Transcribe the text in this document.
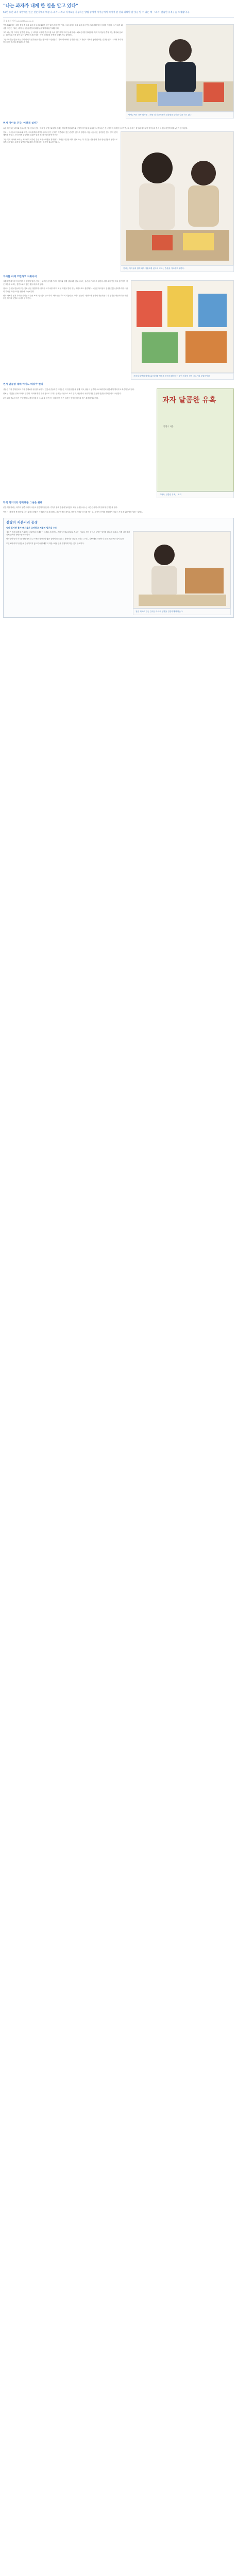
"나는 과자가 내게 한 일을 알고 있다"
50년 동안 과자 제암해온 일본 전문가에게 배운다. 과자 그리고 식재료를 가공하는 방법 중에서 아이들에게 먹여야 할 것과 피해야 할 것을 알 수 있는 책 『과자, 달콤한 유혹』을 소개합니다.
글 김소희 기자 sohee@hani.co.kr

안병수(49세)는 대학 졸업 후 과자 회사에 입사해 17년 동안 일한 과자 전문가다. 국내 굴지의 과자 회사에서 연구원과 기획 담당 임원을 지냈다. 그가 과자 회사를 그만둔 이유는 과자 속 식품첨가물의 위험성을 알게 되었기 때문이다.

그가 펴낸 책 『과자, 달콤한 유혹』은 과자를 비롯한 가공식품 속의 첨가물이 우리 몸에 얼마나 해로운지를 알려준다. 특히 아이들이 즐겨 먹는 과자와 음료수, 패스트푸드에 숨어 있는 설탕과 트랜스지방, 각종 첨가물의 문제를 구체적으로 설명한다.

그는 "과자는 맛을 파는 것이 아니라 첨가물을 파는 것"이라고 단언한다. 과자 회사에서 일하던 시절 그 자신도 과자를 좋아했지만, 건강을 잃고 나서야 과자가 몸에 남긴 흔적을 깨달았다고 한다.

안병수씨는 과자 회사를 그만둔 뒤 가공식품의 위험성을 알리는 일을 하고 있다.
현재 아이들 건강, 어떻게 설까?

요즘 아이들은 과자와 음료수를 입에 달고 산다. 학교 앞 문방구와 편의점에는 형형색색의 과자와 사탕이 아이들을 유혹한다. 부모들은 간식이라며 과자를 사주지만, 그 속에 든 설탕과 첨가물이 아이들의 몸과 마음을 어떻게 바꿔놓는지 잘 모른다.

안씨는 아이들의 아토피와 비만, 주의력결핍 과잉행동장애 같은 문제가 식습관과 깊은 관련이 있다고 말한다. 가공식품에 든 첨가물은 몸에 쌓여 면역 체계를 흔들고, 단 음식에 길들여진 입맛은 밥과 채소를 멀리하게 만든다.

그는 특히 과자에 쓰이는 쇼트닝과 마가린 같은 트랜스지방을 경계한다. 바삭한 식감을 내기 위해 쓰는 이 기름은 심장병과 각종 만성질환의 원인으로 지목되고 있다. 포장지 뒷면의 성분표를 꼼꼼히 읽는 습관이 필요한 이유다.

안씨는 아이들과 함께 과자 성분표를 읽으며 고르는 습관을 기르라고 권한다.
과자를 비해 고민하고 지워야지

그렇다면 과자를 아예 먹이지 말아야 할까. 안씨는 무조건 금지하기보다 아이와 함께 성분표를 읽고 고르는 습관을 기르라고 권한다. 원재료가 단순하고 첨가물이 적은 제품을 고르는 것만으로도 많은 것을 바꿀 수 있다.

집에서 간식을 만들어 주는 것도 좋은 방법이다. 감자나 고구마를 찌고, 제철 과일을 깎아 주는 것만으로도 충분하다. 처음엔 아이들이 심심한 맛을 싫어하지만 시간이 지나면 자연스러운 단맛에 익숙해진다.

엄마 아빠가 먼저 과자를 줄이는 모습을 보여주는 것도 중요하다. 아이들은 부모의 식습관을 그대로 닮는다. 냉장고와 찬장에 가공식품 대신 건강한 먹을거리를 채워두면 아이의 입맛도 서서히 달라진다.

포장지 뒷면의 원재료와 첨가물 목록을 꼼꼼히 확인하는 것이 건강한 간식 고르기의 첫걸음이다.
먼저 달콤함 대해 아이도 배워야 한다

설탕은 가장 흔하면서도 가장 경계해야 할 첨가물이다. 단맛에 길들여진 아이들은 더 강한 단맛을 찾게 되고, 혈당이 급격히 오르내리면서 집중력이 떨어지고 짜증이 늘어난다.

안씨는 "단맛은 중독"이라고 말한다. 아이에게 단 것을 상으로 주거나 달래는 수단으로 쓰지 말고, 과일이나 곡물이 가진 본연의 단맛을 알려주라고 조언한다.

무엇보다 중요한 것은 꾸준함이다. 하루아침에 식습관을 바꾸기는 어렵지만, 작은 실천이 쌓이면 아이의 몸은 분명히 달라진다.	과자 달콤한 유혹
안병수 지음
『과자, 달콤한 유혹』 표지
학력 먹거리와 행복해를 그냥은 위해

좋은 먹을거리는 아이의 몸뿐 아니라 마음도 건강하게 만든다. 가족이 함께 밥상에 둘러앉아 제철 음식을 나누는 시간은 아이에게 정서적 안정감을 준다.

안씨는 "과자 한 봉지를 덜 사는 것에서 변화가 시작된다"고 강조한다. 가공식품을 줄이고 자연에 가까운 음식을 먹는 일, 그것이 아이를 행복하게 키우는 가장 확실한 방법이라는 것이다.

설탕의 저분거리 공정
엄마 표가면 불가 빼서울은 고마하고 저별비 담근을 수도

설탕은 정제 과정을 거치면서 비타민과 미네랄이 대부분 사라진다. 흔히 '빈 칼로리'라고 부르는 이유다. 몸에 들어온 설탕은 혈당을 빠르게 올리고, 이를 처리하기 위해 몸속의 영양소를 소모한다.

아이들이 즐겨 마시는 탄산음료와 주스에는 생각보다 많은 설탕이 들어 있다. 집에서는 과일을 그대로 주거나, 설탕 대신 조청이나 꿀을 조금 쓰는 것이 좋다.

무엇보다 아이가 단맛에 길들여지지 않도록 어릴 때부터 자연스러운 맛을 경험하게 하는 것이 중요하다.

천연 재료로 만든 간식은 아이의 입맛을 건강하게 바꿔준다.
